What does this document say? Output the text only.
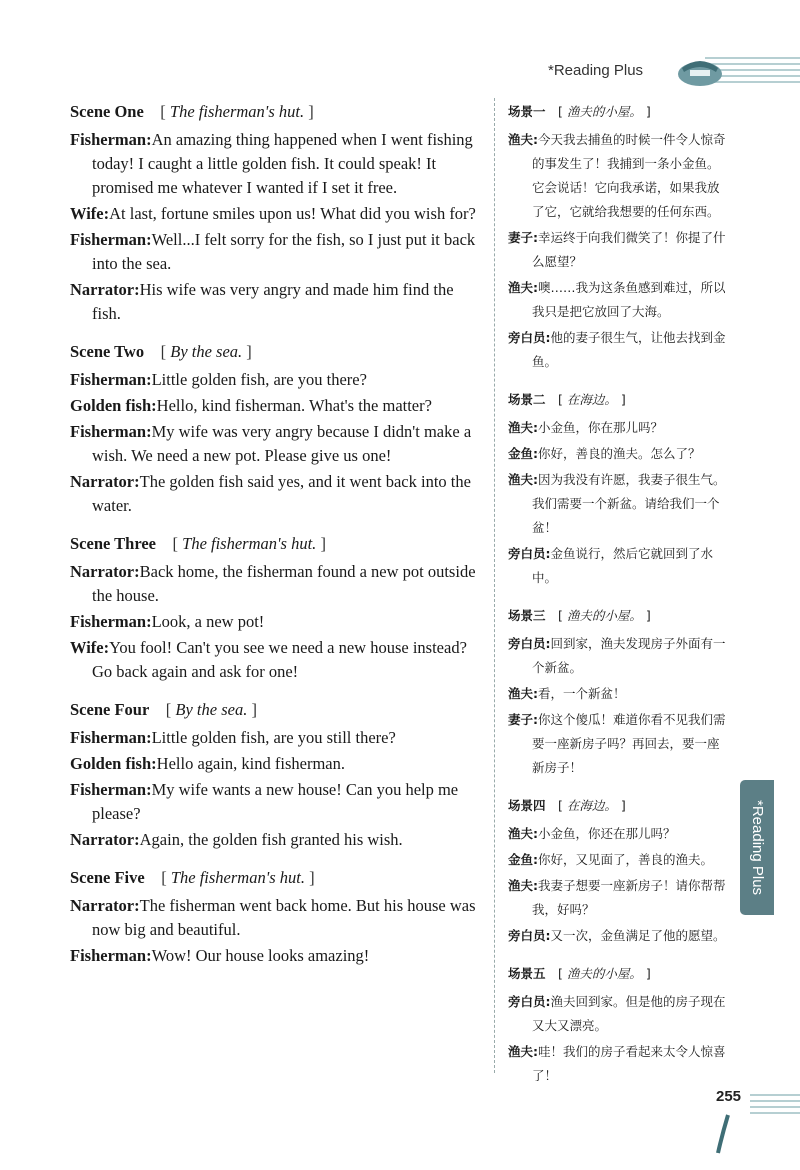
*Reading Plus
Scene One  [ The fisherman's hut. ]
Fisherman:An amazing thing happened when I went fishing today! I caught a little golden fish. It could speak! It promised me whatever I wanted if I set it free.
Wife:At last, fortune smiles upon us! What did you wish for?
Fisherman:Well...I felt sorry for the fish, so I just put it back into the sea.
Narrator:His wife was very angry and made him find the fish.
Scene Two  [ By the sea. ]
Fisherman:Little golden fish, are you there?
Golden fish:Hello, kind fisherman. What's the matter?
Fisherman:My wife was very angry because I didn't make a wish. We need a new pot. Please give us one!
Narrator:The golden fish said yes, and it went back into the water.
Scene Three  [ The fisherman's hut. ]
Narrator:Back home, the fisherman found a new pot outside the house.
Fisherman:Look, a new pot!
Wife:You fool! Can't you see we need a new house instead? Go back again and ask for one!
Scene Four  [ By the sea. ]
Fisherman:Little golden fish, are you still there?
Golden fish:Hello again, kind fisherman.
Fisherman:My wife wants a new house! Can you help me please?
Narrator:Again, the golden fish granted his wish.
Scene Five  [ The fisherman's hut. ]
Narrator:The fisherman went back home. But his house was now big and beautiful.
Fisherman:Wow! Our house looks amazing!
场景一  [ 渔夫的小屋。 ]
渔夫:今天我去捕鱼的时候一件令人惊奇的事发生了！我捕到一条小金鱼。它会说话！它向我承诺，如果我放了它，它就给我想要的任何东西。
妻子:幸运终于向我们微笑了！你提了什么愿望？
渔夫:噢……我为这条鱼感到难过，所以我只是把它放回了大海。
旁白员:他的妻子很生气，让他去找到金鱼。
场景二  [ 在海边。 ]
渔夫:小金鱼，你在那儿吗？
金鱼:你好，善良的渔夫。怎么了？
渔夫:因为我没有许愿，我妻子很生气。我们需要一个新盆。请给我们一个盆！
旁白员:金鱼说行，然后它就回到了水中。
场景三  [ 渔夫的小屋。 ]
旁白员:回到家，渔夫发现房子外面有一个新盆。
渔夫:看，一个新盆！
妻子:你这个傻瓜！难道你看不见我们需要一座新房子吗？再回去，要一座新房子！
场景四  [ 在海边。 ]
渔夫:小金鱼，你还在那儿吗？
金鱼:你好，又见面了，善良的渔夫。
渔夫:我妻子想要一座新房子！请你帮帮我，好吗？
旁白员:又一次，金鱼满足了他的愿望。
场景五  [ 渔夫的小屋。 ]
旁白员:渔夫回到家。但是他的房子现在又大又漂亮。
渔夫:哇！我们的房子看起来太令人惊喜了！
*Reading Plus
255
